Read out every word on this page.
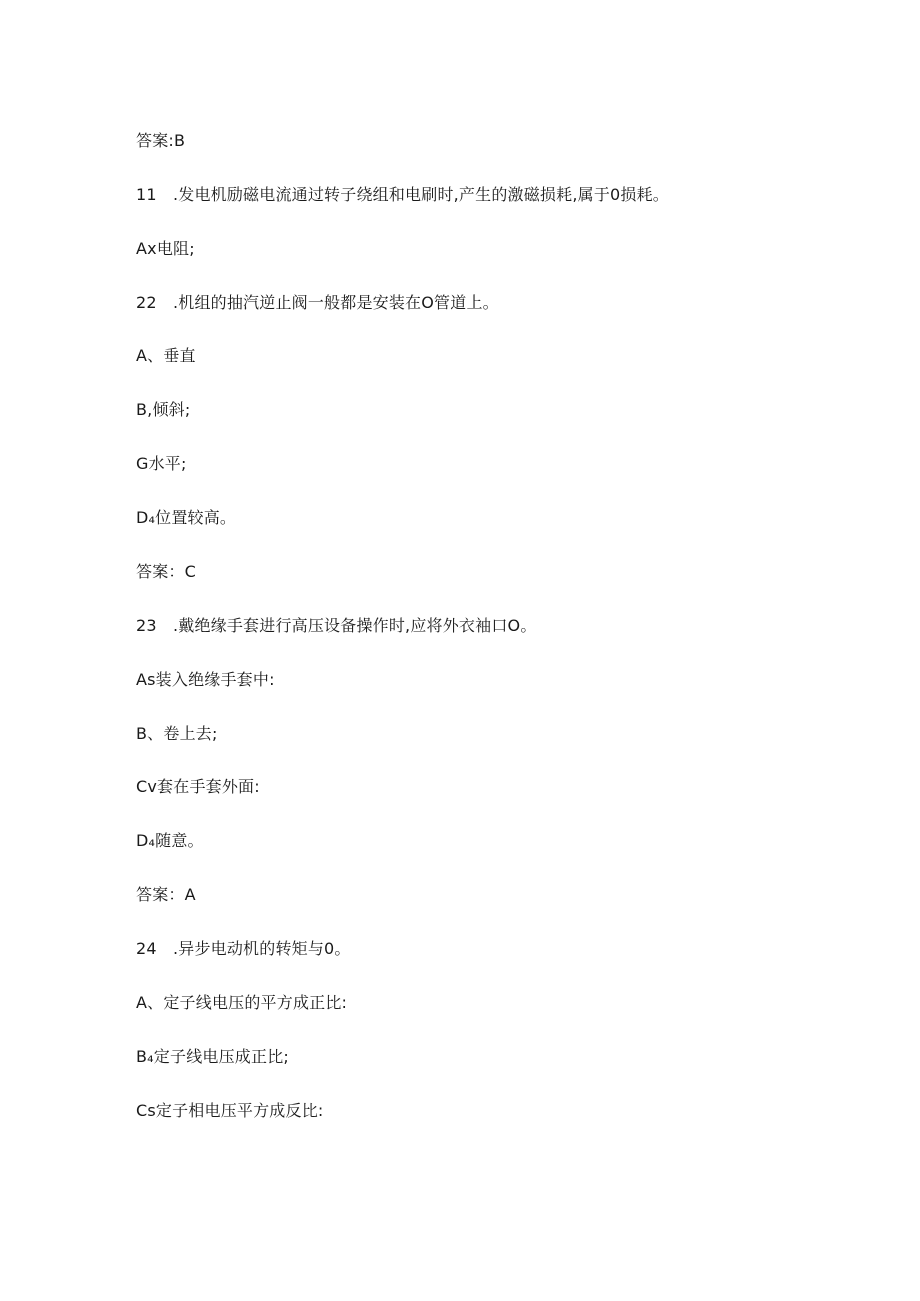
答案:B
11　.发电机励磁电流通过转子绕组和电刷时,产生的激磁损耗,属于0损耗。
Ax电阻;
22　.机组的抽汽逆止阀一般都是安装在O管道上。
A、垂直
B,倾斜;
G水平;
D₄位置较高。
答案：C
23　.戴绝缘手套进行高压设备操作时,应将外衣袖口O。
As装入绝缘手套中:
B、卷上去;
Cv套在手套外面:
D₄随意。
答案：A
24　.异步电动机的转矩与0。
A、定子线电压的平方成正比:
B₄定子线电压成正比;
Cs定子相电压平方成反比:
